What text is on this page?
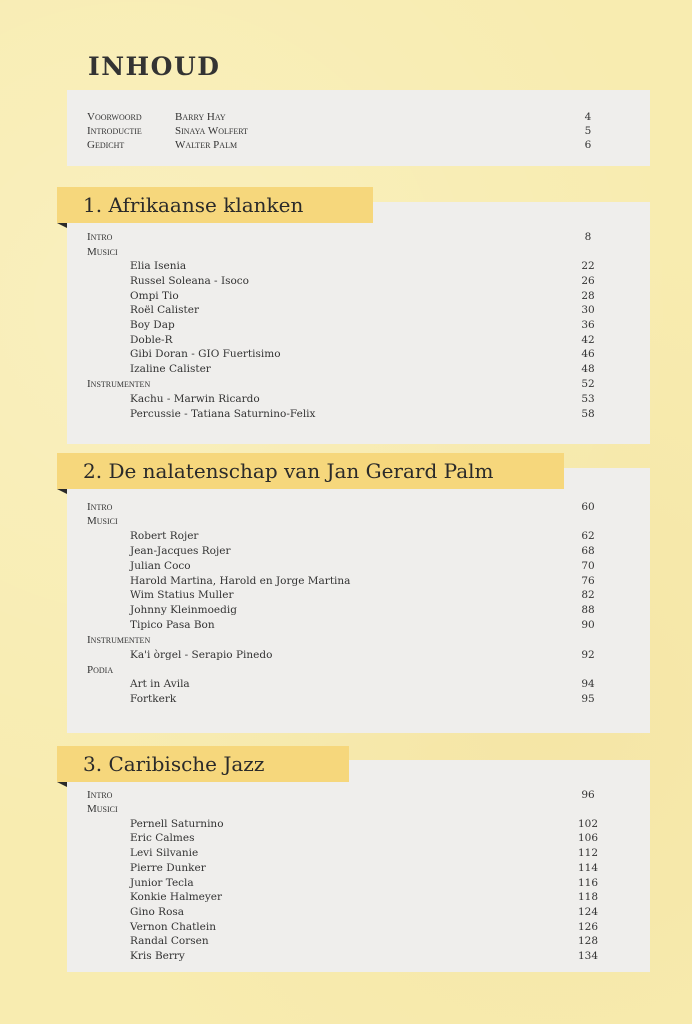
INHOUD
Voorwoord	Barry Hay	4
Introductie	Sinaya Wolfert	5
Gedicht	Walter Palm	6
Intro	8
Musici
Elia Isenia	22
Russel Soleana - Isoco	26
Ompi Tio	28
Roël Calister	30
Boy Dap	36
Doble-R	42
Gibi Doran - GIO Fuertisimo	46
Izaline Calister	48
Instrumenten	52
Kachu - Marwin Ricardo	53
Percussie - Tatiana Saturnino-Felix	58
1. Afrikaanse klanken
Intro	60
Musici
Robert Rojer	62
Jean-Jacques Rojer	68
Julian Coco	70
Harold Martina, Harold en Jorge Martina	76
Wim Statius Muller	82
Johnny Kleinmoedig	88
Tipico Pasa Bon	90
Instrumenten
Ka'i òrgel - Serapio Pinedo	92
Podia
Art in Avila	94
Fortkerk	95
2. De nalatenschap van Jan Gerard Palm
Intro	96
Musici
Pernell Saturnino	102
Eric Calmes	106
Levi Silvanie	112
Pierre Dunker	114
Junior Tecla	116
Konkie Halmeyer	118
Gino Rosa	124
Vernon Chatlein	126
Randal Corsen	128
Kris Berry	134
3. Caribische Jazz
